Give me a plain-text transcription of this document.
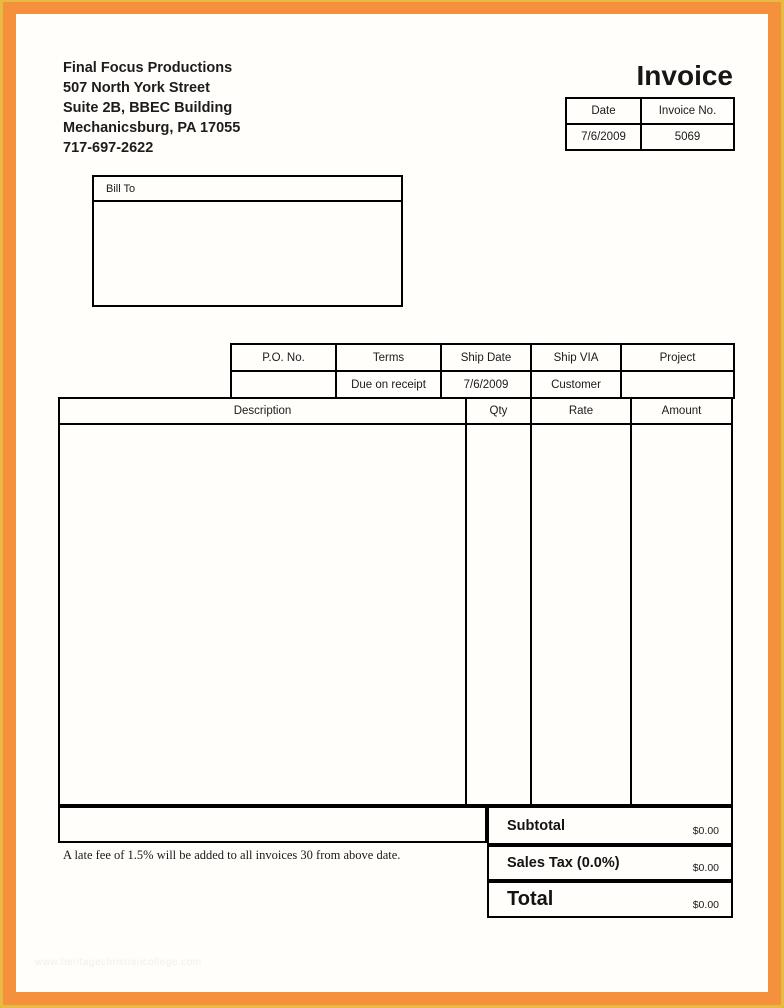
Final Focus Productions
507 North York Street
Suite 2B, BBEC Building
Mechanicsburg, PA 17055
717-697-2622
Invoice
Date	Invoice No.
7/6/2009	5069
Bill To
P.O. No.	Terms	Ship Date	Ship VIA	Project
	Due on receipt	7/6/2009	Customer	
Description	Qty	Rate	Amount
A late fee of 1.5% will be added to all invoices 30 from above date.
Subtotal	$0.00
Sales Tax (0.0%)	$0.00
Total	$0.00
www.heritagechristiancollege.com
